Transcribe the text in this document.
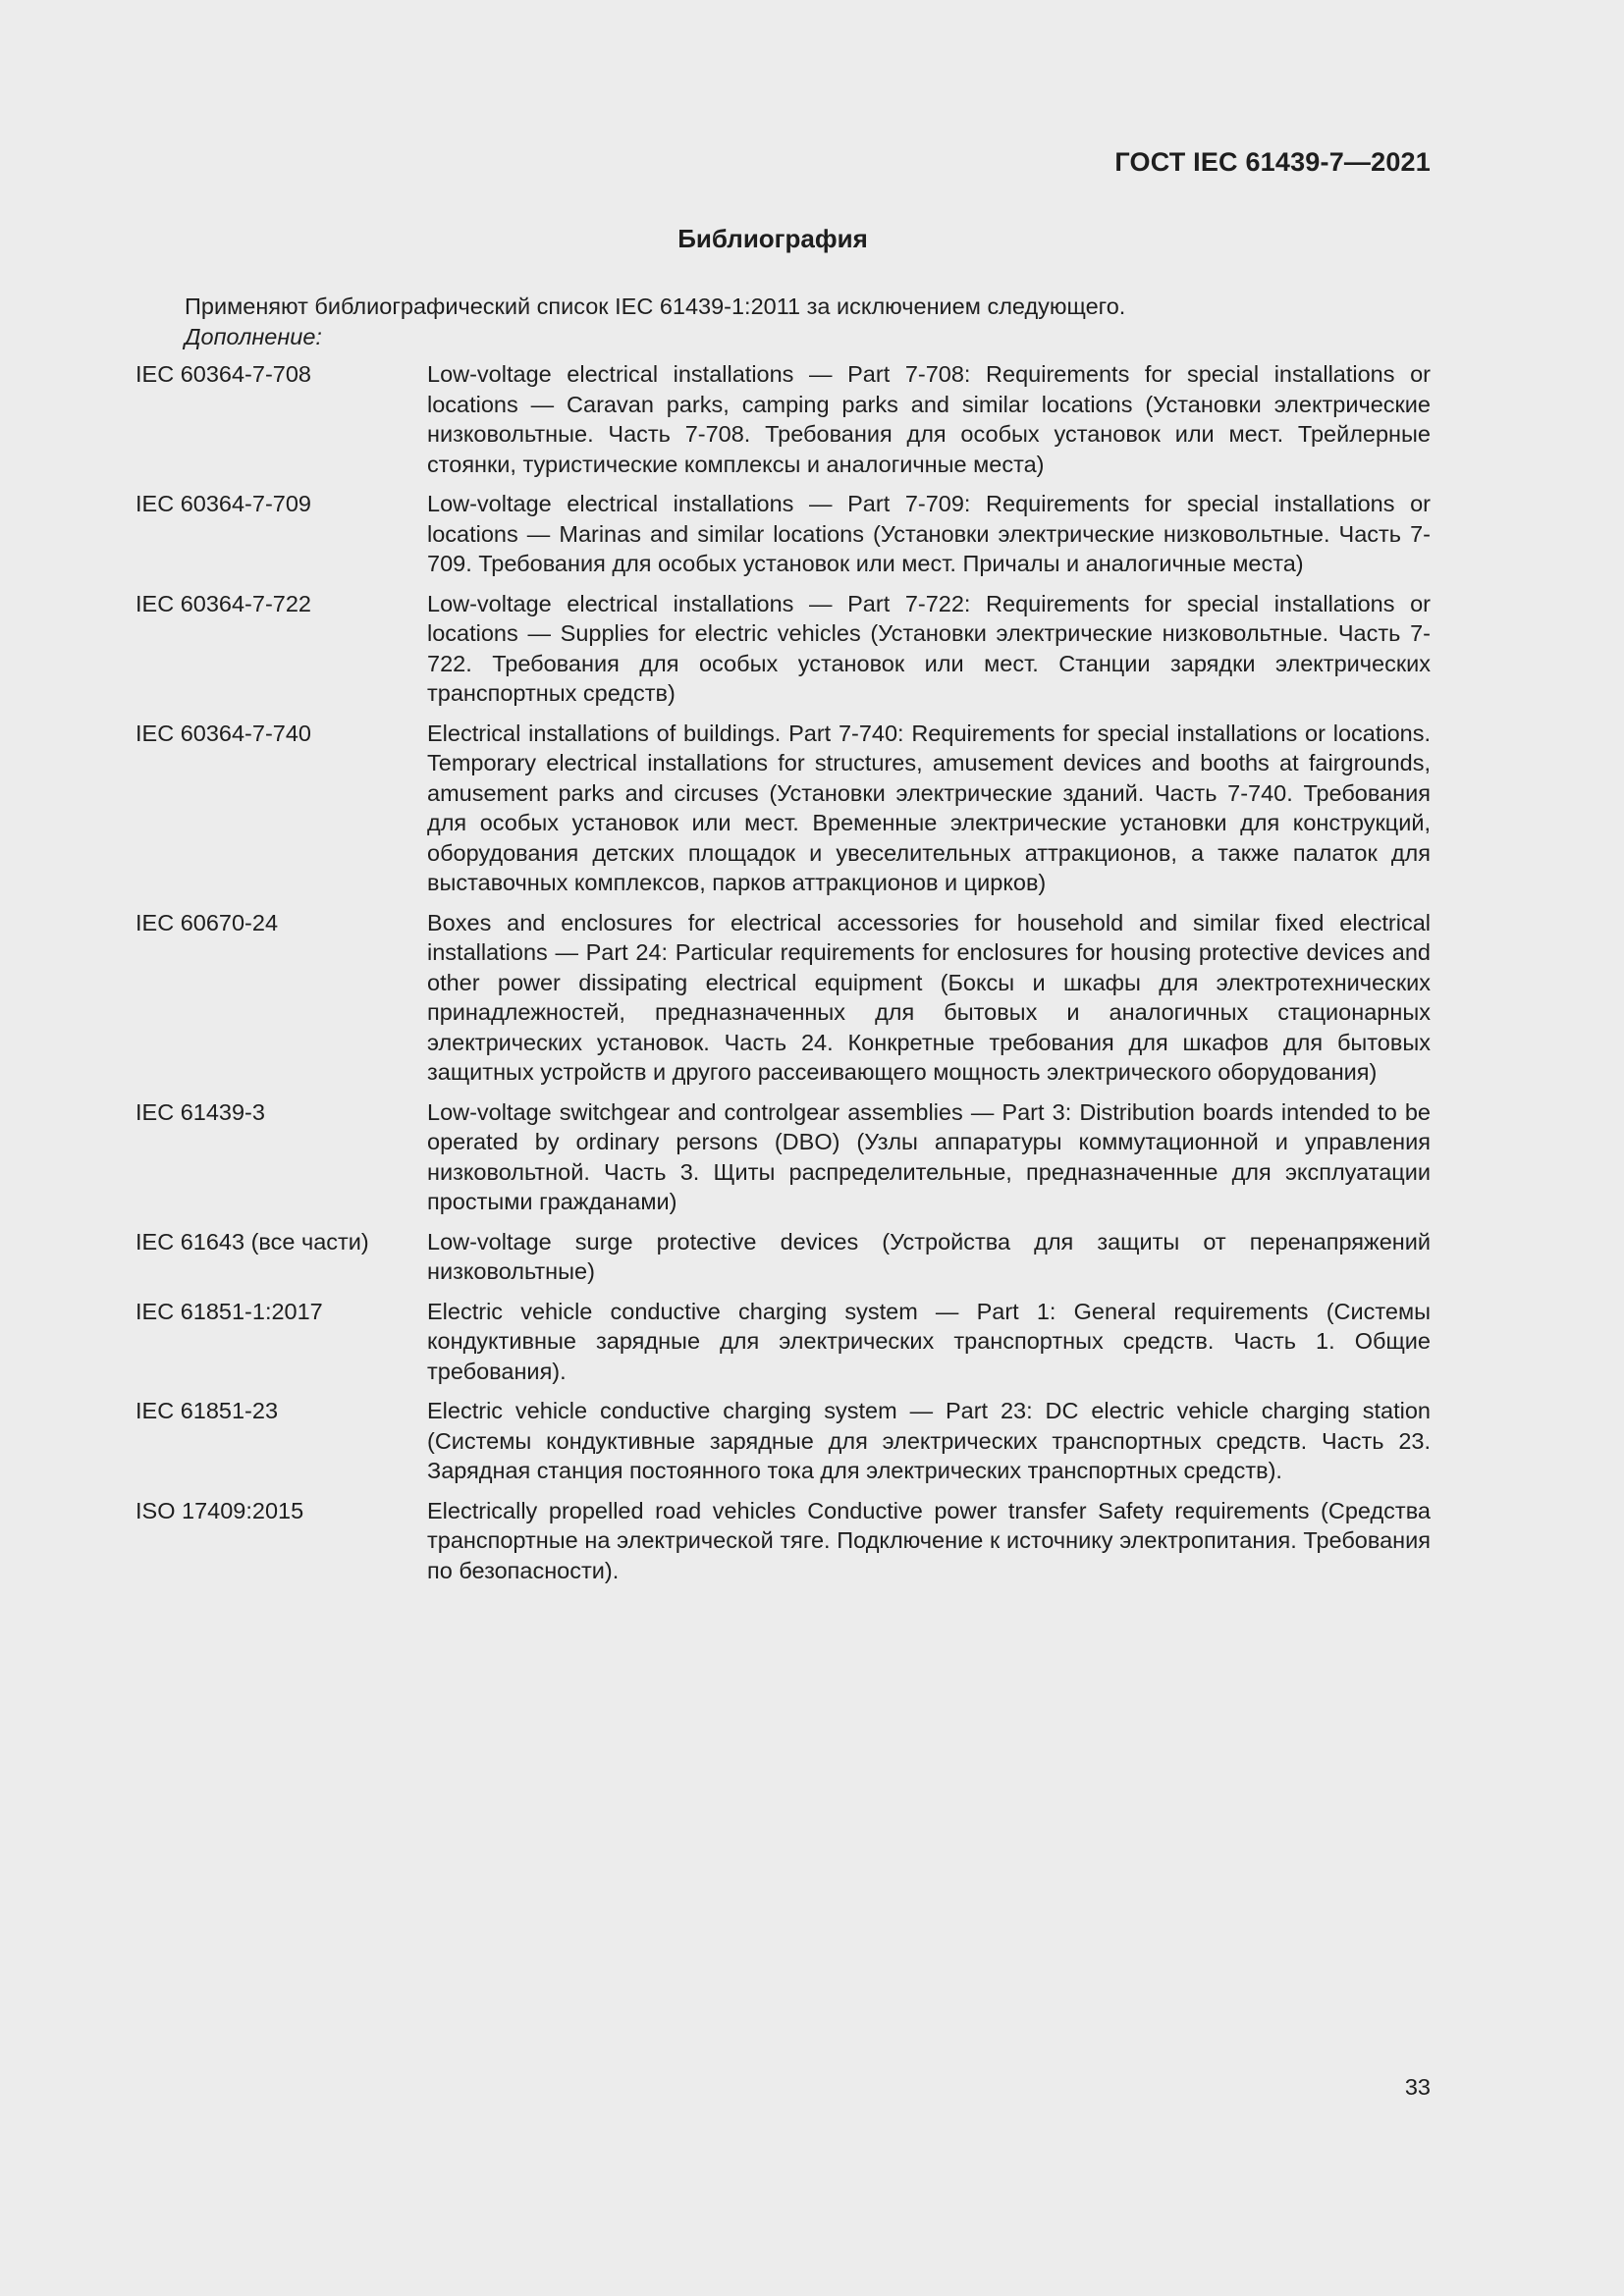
ГОСТ IEC 61439-7—2021
Библиография
Применяют библиографический список IEC 61439-1:2011 за исключением следующего.
Дополнение:
IEC 60364-7-708	Low-voltage electrical installations — Part 7-708: Requirements for special installations or locations — Caravan parks, camping parks and similar locations (Установки электрические низковольтные. Часть 7-708. Требования для особых установок или мест. Трейлерные стоянки, туристические комплексы и аналогичные места)
IEC 60364-7-709	Low-voltage electrical installations — Part 7-709: Requirements for special installations or locations — Marinas and similar locations (Установки электрические низковольтные. Часть 7-709. Требования для особых установок или мест. Причалы и аналогичные места)
IEC 60364-7-722	Low-voltage electrical installations — Part 7-722: Requirements for special installations or locations — Supplies for electric vehicles (Установки электрические низковольтные. Часть 7-722. Требования для особых установок или мест. Станции зарядки электрических транспортных средств)
IEC 60364-7-740	Electrical installations of buildings. Part 7-740: Requirements for special installations or locations. Temporary electrical installations for structures, amusement devices and booths at fairgrounds, amusement parks and circuses (Установки электрические зданий. Часть 7-740. Требования для особых установок или мест. Временные электрические установки для конструкций, оборудования детских площадок и увеселительных аттракционов, а также палаток для выставочных комплексов, парков аттракционов и цирков)
IEC 60670-24	Boxes and enclosures for electrical accessories for household and similar fixed electrical installations — Part 24: Particular requirements for enclosures for housing protective devices and other power dissipating electrical equipment (Боксы и шкафы для электротехнических принадлежностей, предназначенных для бытовых и аналогичных стационарных электрических установок. Часть 24. Конкретные требования для шкафов для бытовых защитных устройств и другого рассеивающего мощность электрического оборудования)
IEC 61439-3	Low-voltage switchgear and controlgear assemblies — Part 3: Distribution boards intended to be operated by ordinary persons (DBO) (Узлы аппаратуры коммутационной и управления низковольтной. Часть 3. Щиты распределительные, предназначенные для эксплуатации простыми гражданами)
IEC 61643 (все части)	Low-voltage surge protective devices (Устройства для защиты от перенапряжений низковольтные)
IEC 61851-1:2017	Electric vehicle conductive charging system — Part 1: General requirements (Системы кондуктивные зарядные для электрических транспортных средств. Часть 1. Общие требования).
IEC 61851-23	Electric vehicle conductive charging system — Part 23: DC electric vehicle charging station (Системы кондуктивные зарядные для электрических транспортных средств. Часть 23. Зарядная станция постоянного тока для электрических транспортных средств).
ISO 17409:2015	Electrically propelled road vehicles Conductive power transfer Safety requirements (Средства транспортные на электрической тяге. Подключение к источнику электропитания. Требования по безопасности).
33
